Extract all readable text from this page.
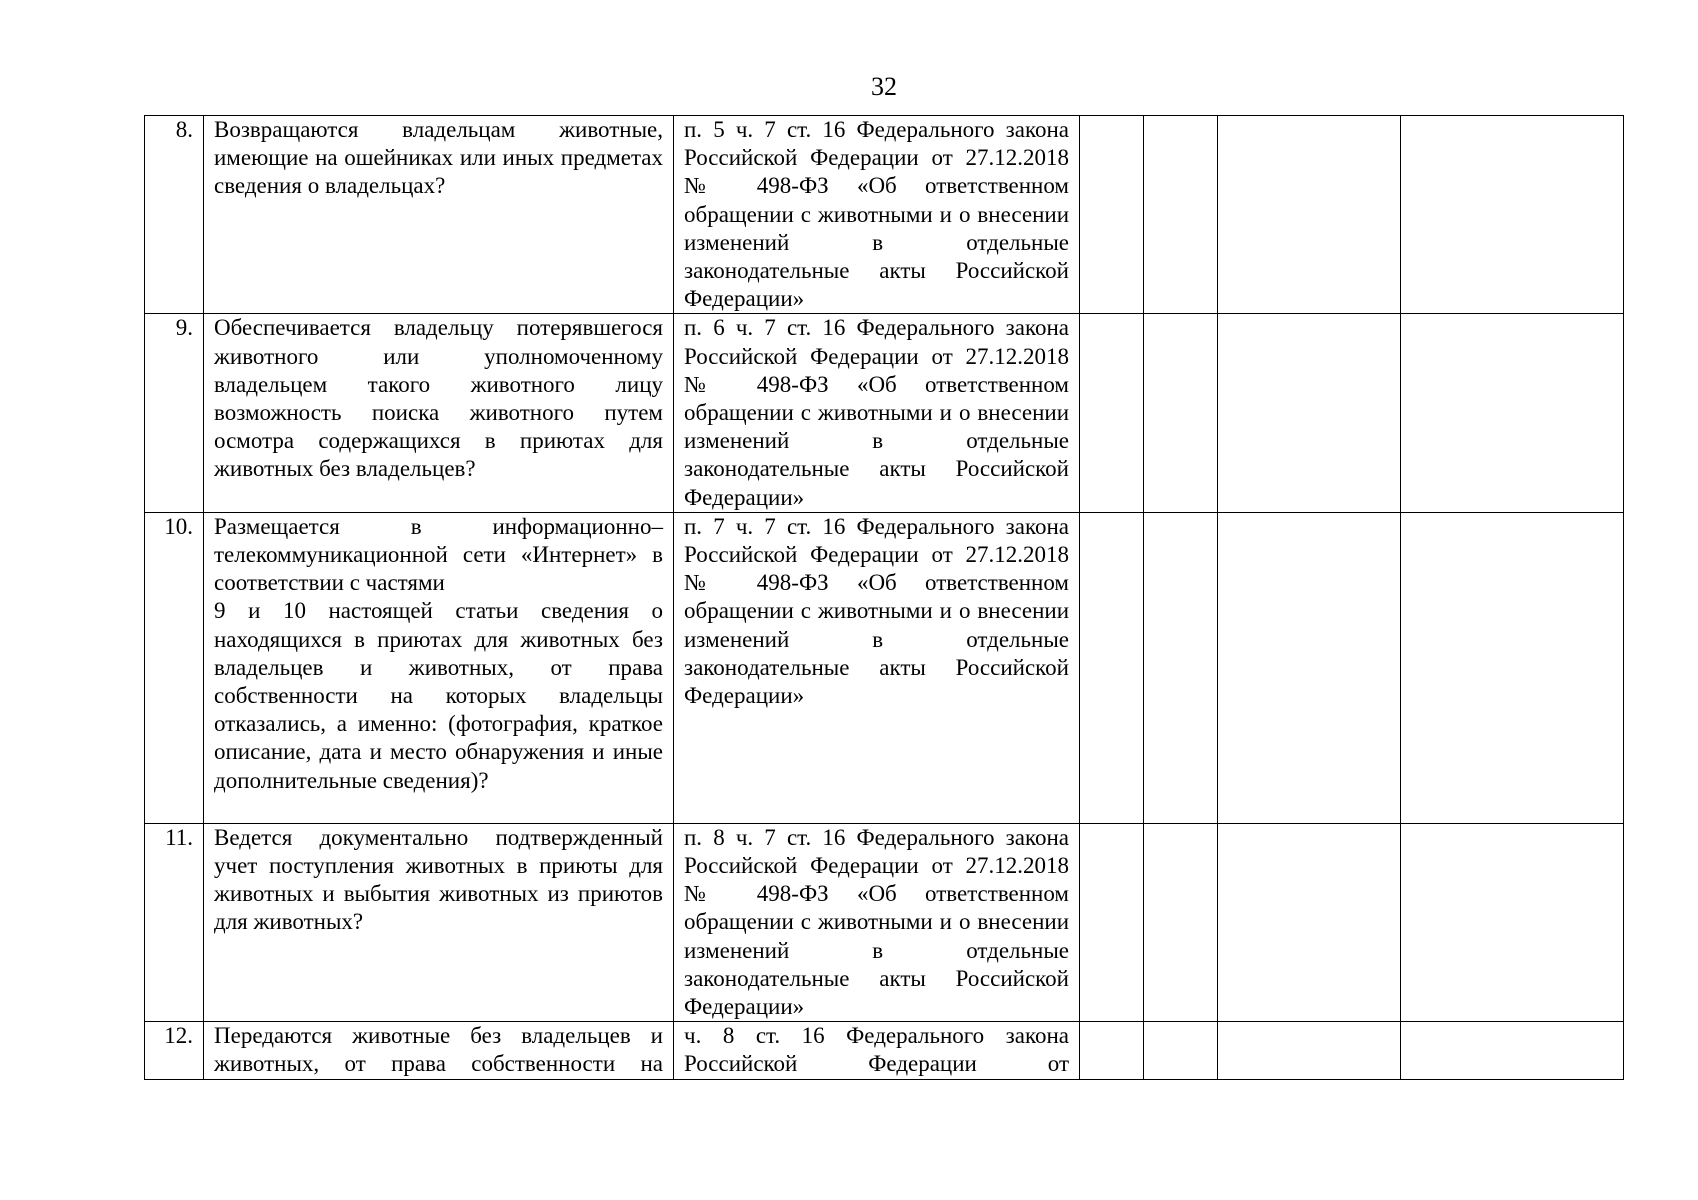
32
8.	Возвращаются владельцам животные, имеющие на ошейниках или иных предметах сведения о владельцах?	п. 5 ч. 7 ст. 16 Федерального закона Российской Федерации от 27.12.2018 № 498-ФЗ «Об ответственном обращении с животными и о внесении изменений в отдельные законодательные акты Российской Федерации»				
9.	Обеспечивается владельцу потерявшегося животного или уполномоченному владельцем такого животного лицу возможность поиска животного путем осмотра содержащихся в приютах для животных без владельцев?	п. 6 ч. 7 ст. 16 Федерального закона Российской Федерации от 27.12.2018 № 498-ФЗ «Об ответственном обращении с животными и о внесении изменений в отдельные законодательные акты Российской Федерации»				
10.	Размещается в информационно– телекоммуникационной сети «Интернет» в соответствии с частями
9 и 10 настоящей статьи сведения о находящихся в приютах для животных без владельцев и животных, от права собственности на которых владельцы отказались, а именно: (фотография, краткое описание, дата и место обнаружения и иные дополнительные сведения)?	п. 7 ч. 7 ст. 16 Федерального закона Российской Федерации от 27.12.2018 № 498-ФЗ «Об ответственном обращении с животными и о внесении изменений в отдельные законодательные акты Российской Федерации»				
11.	Ведется документально подтвержденный учет поступления животных в приюты для животных и выбытия животных из приютов для животных?	п. 8 ч. 7 ст. 16 Федерального закона Российской Федерации от 27.12.2018 № 498-ФЗ «Об ответственном обращении с животными и о внесении изменений в отдельные законодательные акты Российской Федерации»				
12.	Передаются животные без владельцев и животных, от права собственности на	ч. 8 ст. 16 Федерального закона Российской Федерации от				
